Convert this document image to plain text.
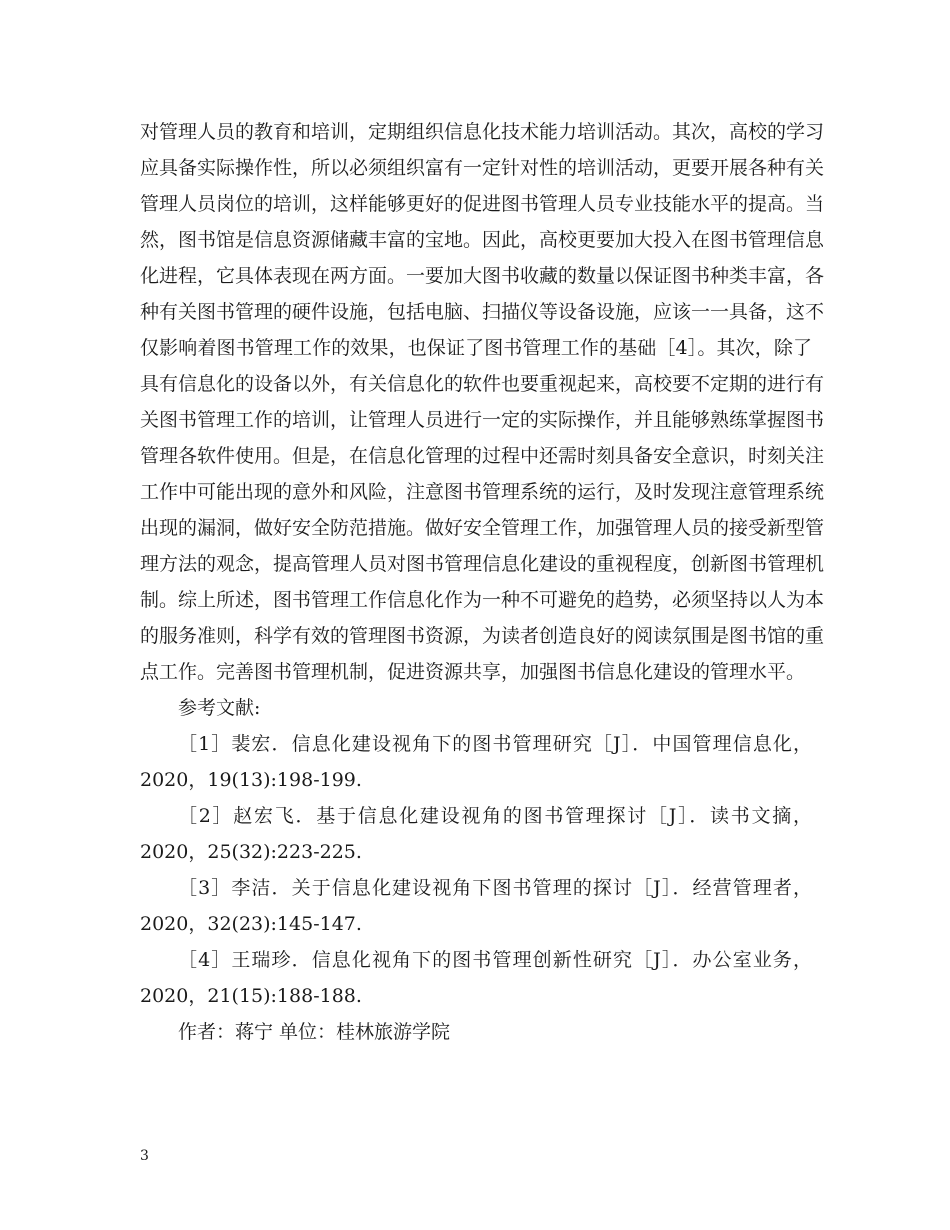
对管理人员的教育和培训，定期组织信息化技术能力培训活动。其次，高校的学习
应具备实际操作性，所以必须组织富有一定针对性的培训活动，更要开展各种有关
管理人员岗位的培训，这样能够更好的促进图书管理人员专业技能水平的提高。当
然，图书馆是信息资源储藏丰富的宝地。因此，高校更要加大投入在图书管理信息
化进程，它具体表现在两方面。一要加大图书收藏的数量以保证图书种类丰富，各
种有关图书管理的硬件设施，包括电脑、扫描仪等设备设施，应该一一具备，这不
仅影响着图书管理工作的效果，也保证了图书管理工作的基础［4］。其次，除了
具有信息化的设备以外，有关信息化的软件也要重视起来，高校要不定期的进行有
关图书管理工作的培训，让管理人员进行一定的实际操作，并且能够熟练掌握图书
管理各软件使用。但是，在信息化管理的过程中还需时刻具备安全意识，时刻关注
工作中可能出现的意外和风险，注意图书管理系统的运行，及时发现注意管理系统
出现的漏洞，做好安全防范措施。做好安全管理工作，加强管理人员的接受新型管
理方法的观念，提高管理人员对图书管理信息化建设的重视程度，创新图书管理机
制。综上所述，图书管理工作信息化作为一种不可避免的趋势，必须坚持以人为本
的服务准则，科学有效的管理图书资源，为读者创造良好的阅读氛围是图书馆的重
点工作。完善图书管理机制，促进资源共享，加强图书信息化建设的管理水平。
参考文献:
［1］裴宏．信息化建设视角下的图书管理研究［J］．中国管理信息化，
2020，19(13):198-199.
［2］赵宏飞．基于信息化建设视角的图书管理探讨［J］．读书文摘，
2020，25(32):223-225.
［3］李洁．关于信息化建设视角下图书管理的探讨［J］．经营管理者，
2020，32(23):145-147.
［4］王瑞珍．信息化视角下的图书管理创新性研究［J］．办公室业务，
2020，21(15):188-188.
作者：蒋宁 单位：桂林旅游学院
3
